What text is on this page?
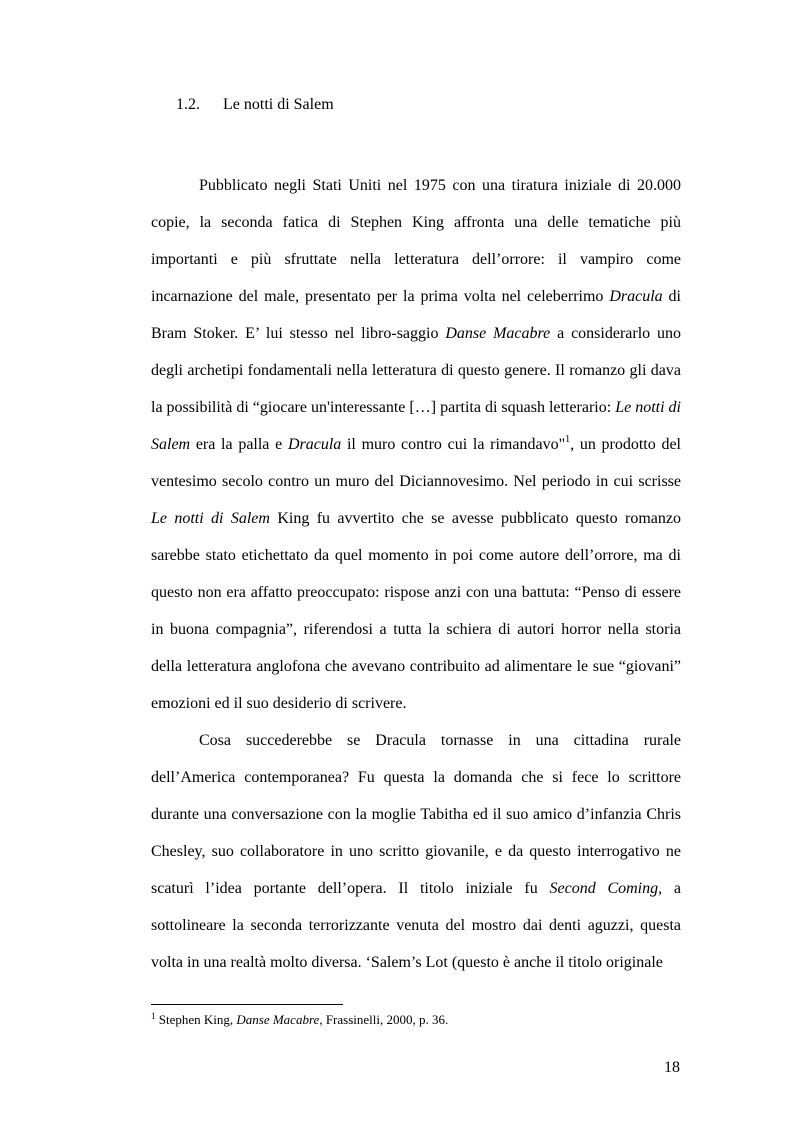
1.2. Le notti di Salem

Pubblicato negli Stati Uniti nel 1975 con una tiratura iniziale di 20.000 copie, la seconda fatica di Stephen King affronta una delle tematiche più importanti e più sfruttate nella letteratura dell’orrore: il vampiro come incarnazione del male, presentato per la prima volta nel celeberrimo Dracula di Bram Stoker. E’ lui stesso nel libro-saggio Danse Macabre a considerarlo uno degli archetipi fondamentali nella letteratura di questo genere. Il romanzo gli dava la possibilità di “giocare un'interessante […] partita di squash letterario: Le notti di Salem era la palla e Dracula il muro contro cui la rimandavo"$^1$, un prodotto del ventesimo secolo contro un muro del Diciannovesimo. Nel periodo in cui scrisse Le notti di Salem King fu avvertito che se avesse pubblicato questo romanzo sarebbe stato etichettato da quel momento in poi come autore dell’orrore, ma di questo non era affatto preoccupato: rispose anzi con una battuta: “Penso di essere in buona compagnia”, riferendosi a tutta la schiera di autori horror nella storia della letteratura anglofona che avevano contribuito ad alimentare le sue “giovani” emozioni ed il suo desiderio di scrivere.

Cosa succederebbe se Dracula tornasse in una cittadina rurale dell’America contemporanea? Fu questa la domanda che si fece lo scrittore durante una conversazione con la moglie Tabitha ed il suo amico d’infanzia Chris Chesley, suo collaboratore in uno scritto giovanile, e da questo interrogativo ne scaturì l’idea portante dell’opera. Il titolo iniziale fu Second Coming, a sottolineare la seconda terrorizzante venuta del mostro dai denti aguzzi, questa volta in una realtà molto diversa. ‘Salem’s Lot (questo è anche il titolo originale

$^1$ Stephen King, Danse Macabre, Frassinelli, 2000, p. 36.
18
